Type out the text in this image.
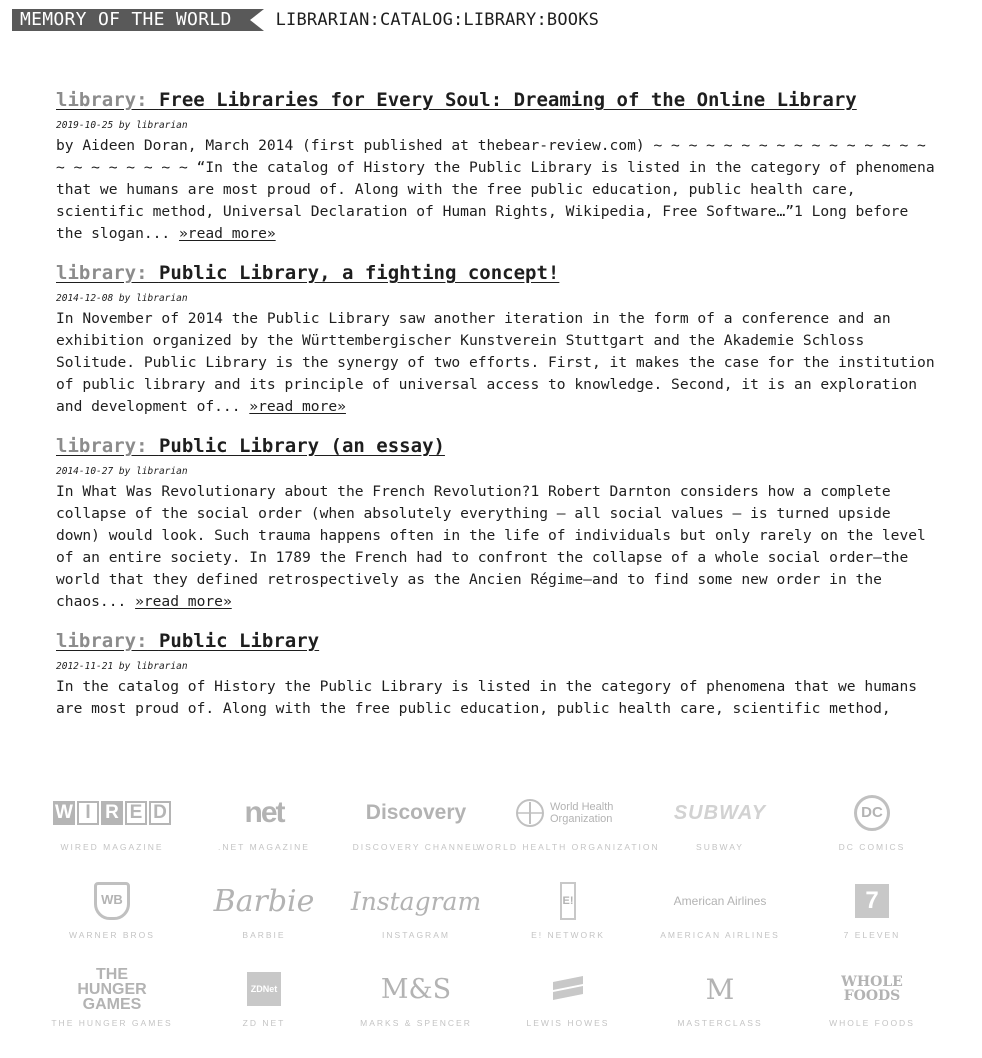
MEMORY OF THE WORLD	LIBRARIAN:CATALOG:LIBRARY:BOOKS
library: Free Libraries for Every Soul: Dreaming of the Online Library
2019-10-25 by librarian

by Aideen Doran, March 2014 (first published at thebear-review.com) ~ ~ ~ ~ ~ ~ ~ ~ ~ ~ ~ ~ ~ ~ ~ ~ ~ ~ ~ ~ ~ ~ ~ ~ “In the catalog of History the Public Library is listed in the category of phenomena that we humans are most proud of. Along with the free public education, public health care, scientific method, Universal Declaration of Human Rights, Wikipedia, Free Software…”1 Long before the slogan... »read more»

library: Public Library, a fighting concept!
2014-12-08 by librarian

In November of 2014 the Public Library saw another iteration in the form of a conference and an exhibition organized by the Württembergischer Kunstverein Stuttgart and the Akademie Schloss Solitude. Public Library is the synergy of two efforts. First, it makes the case for the institution of public library and its principle of universal access to knowledge. Second, it is an exploration and development of... »read more»

library: Public Library (an essay)
2014-10-27 by librarian

In What Was Revolutionary about the French Revolution?1 Robert Darnton considers how a complete collapse of the social order (when absolutely everything – all social values – is turned upside down) would look. Such trauma happens often in the life of individuals but only rarely on the level of an entire society. In 1789 the French had to confront the collapse of a whole social order—the world that they defined retrospectively as the Ancien Régime—and to find some new order in the chaos... »read more»

library: Public Library
2012-11-21 by librarian

In the catalog of History the Public Library is listed in the category of phenomena that we humans are most proud of. Along with the free public education, public health care, scientific method,

W I R E D
WIRED MAGAZINE
net
.NET MAGAZINE
Discovery
DISCOVERY CHANNEL
World Health Organization
WORLD HEALTH ORGANIZATION
SUBWAY
SUBWAY
DC
DC COMICS
WB
WARNER BROS
Barbie
BARBIE
Instagram
INSTAGRAM
E!
E! NETWORK
American Airlines
AMERICAN AIRLINES
7
7 ELEVEN
THE HUNGER GAMES
THE HUNGER GAMES
ZDNet
ZD NET
M&S
MARKS & SPENCER	LEWIS HOWES
M
MASTERCLASS
WHOLE FOODS
WHOLE FOODS
